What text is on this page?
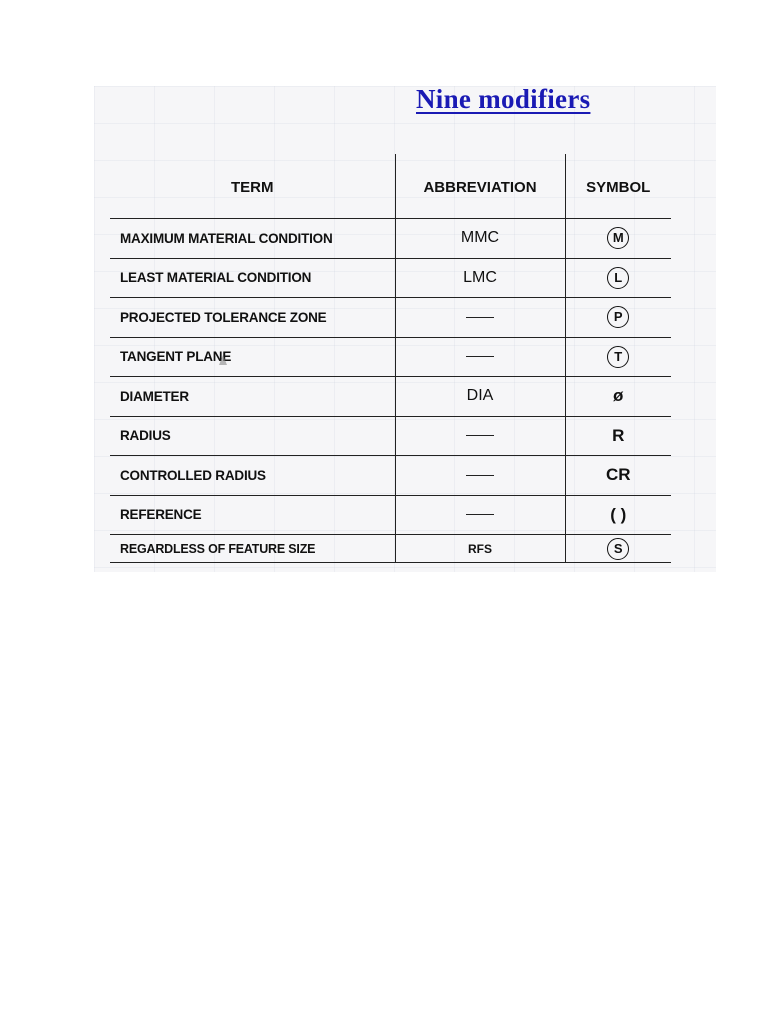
Nine modifiers
TERM	ABBREVIATION	SYMBOL
MAXIMUM MATERIAL CONDITION	MMC	M
LEAST MATERIAL CONDITION	LMC	L
PROJECTED TOLERANCE ZONE		P
TANGENT PLANE		T
DIAMETER	DIA	ø
RADIUS		R
CONTROLLED RADIUS		CR
REFERENCE		( )
REGARDLESS OF FEATURE SIZE	RFS	S
